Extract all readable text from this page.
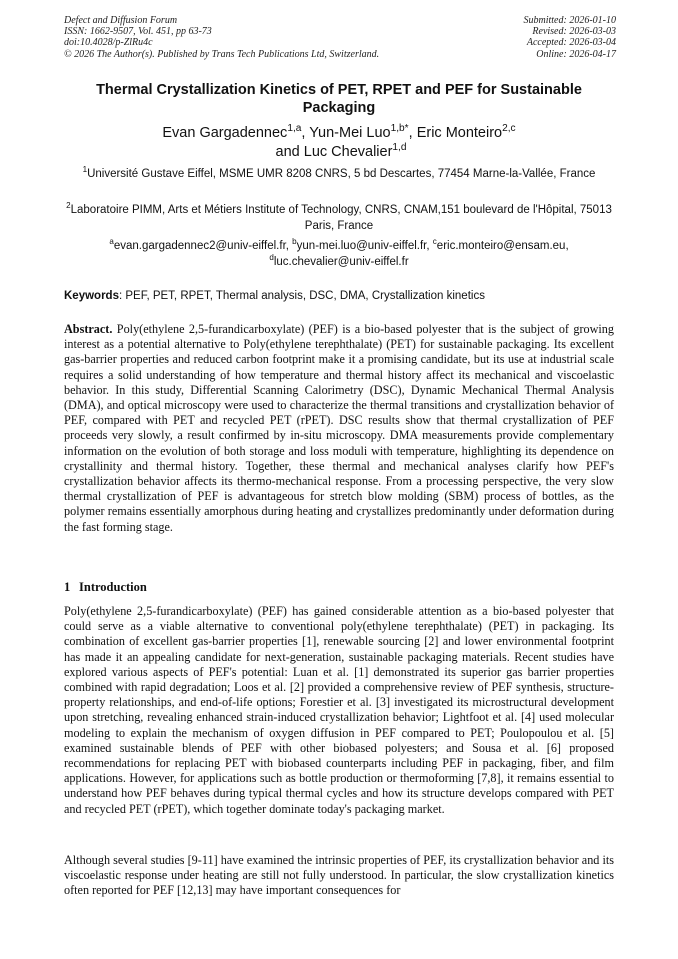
Defect and Diffusion Forum
ISSN: 1662-9507, Vol. 451, pp 63-73
doi:10.4028/p-ZlRu4c
© 2026 The Author(s). Published by Trans Tech Publications Ltd, Switzerland.
Submitted: 2026-01-10
Revised: 2026-03-03
Accepted: 2026-03-04
Online: 2026-04-17
Thermal Crystallization Kinetics of PET, RPET and PEF for Sustainable Packaging
Evan Gargadennec$^{1,a}$, Yun-Mei Luo$^{1,b*}$, Eric Monteiro$^{2,c}$
and Luc Chevalier$^{1,d}$
$^1$Université Gustave Eiffel, MSME UMR 8208 CNRS, 5 bd Descartes, 77454 Marne-la-Vallée, France
$^2$Laboratoire PIMM, Arts et Métiers Institute of Technology, CNRS, CNAM,151 boulevard de l'Hôpital, 75013 Paris, France
$^a$evan.gargadennec2@univ-eiffel.fr, $^b$yun-mei.luo@univ-eiffel.fr, $^c$eric.monteiro@ensam.eu,
$^d$luc.chevalier@univ-eiffel.fr
Keywords: PEF, PET, RPET, Thermal analysis, DSC, DMA, Crystallization kinetics

Abstract. Poly(ethylene 2,5-furandicarboxylate) (PEF) is a bio-based polyester that is the subject of growing interest as a potential alternative to Poly(ethylene terephthalate) (PET) for sustainable packaging. Its excellent gas-barrier properties and reduced carbon footprint make it a promising candidate, but its use at industrial scale requires a solid understanding of how temperature and thermal history affect its mechanical and viscoelastic behavior. In this study, Differential Scanning Calorimetry (DSC), Dynamic Mechanical Thermal Analysis (DMA), and optical microscopy were used to characterize the thermal transitions and crystallization behavior of PEF, compared with PET and recycled PET (rPET). DSC results show that thermal crystallization of PEF proceeds very slowly, a result confirmed by in-situ microscopy. DMA measurements provide complementary information on the evolution of both storage and loss moduli with temperature, highlighting its dependence on crystallinity and thermal history. Together, these thermal and mechanical analyses clarify how PEF's crystallization behavior affects its thermo-mechanical response. From a processing perspective, the very slow thermal crystallization of PEF is advantageous for stretch blow molding (SBM) process of bottles, as the polymer remains essentially amorphous during heating and crystallizes predominantly under deformation during the fast forming stage.

1 Introduction

Poly(ethylene 2,5-furandicarboxylate) (PEF) has gained considerable attention as a bio-based polyester that could serve as a viable alternative to conventional poly(ethylene terephthalate) (PET) in packaging. Its combination of excellent gas-barrier properties [1], renewable sourcing [2] and lower environmental footprint has made it an appealing candidate for next-generation, sustainable packaging materials. Recent studies have explored various aspects of PEF's potential: Luan et al. [1] demonstrated its superior gas barrier properties combined with rapid degradation; Loos et al. [2] provided a comprehensive review of PEF synthesis, structure-property relationships, and end-of-life options; Forestier et al. [3] investigated its microstructural development upon stretching, revealing enhanced strain-induced crystallization behavior; Lightfoot et al. [4] used molecular modeling to explain the mechanism of oxygen diffusion in PEF compared to PET; Poulopoulou et al. [5] examined sustainable blends of PEF with other biobased polyesters; and Sousa et al. [6] proposed recommendations for replacing PET with biobased counterparts including PEF in packaging, fiber, and film applications. However, for applications such as bottle production or thermoforming [7,8], it remains essential to understand how PEF behaves during typical thermal cycles and how its structure develops compared with PET and recycled PET (rPET), which together dominate today's packaging market.

Although several studies [9-11] have examined the intrinsic properties of PEF, its crystallization behavior and its viscoelastic response under heating are still not fully understood. In particular, the slow crystallization kinetics often reported for PEF [12,13] may have important consequences for
